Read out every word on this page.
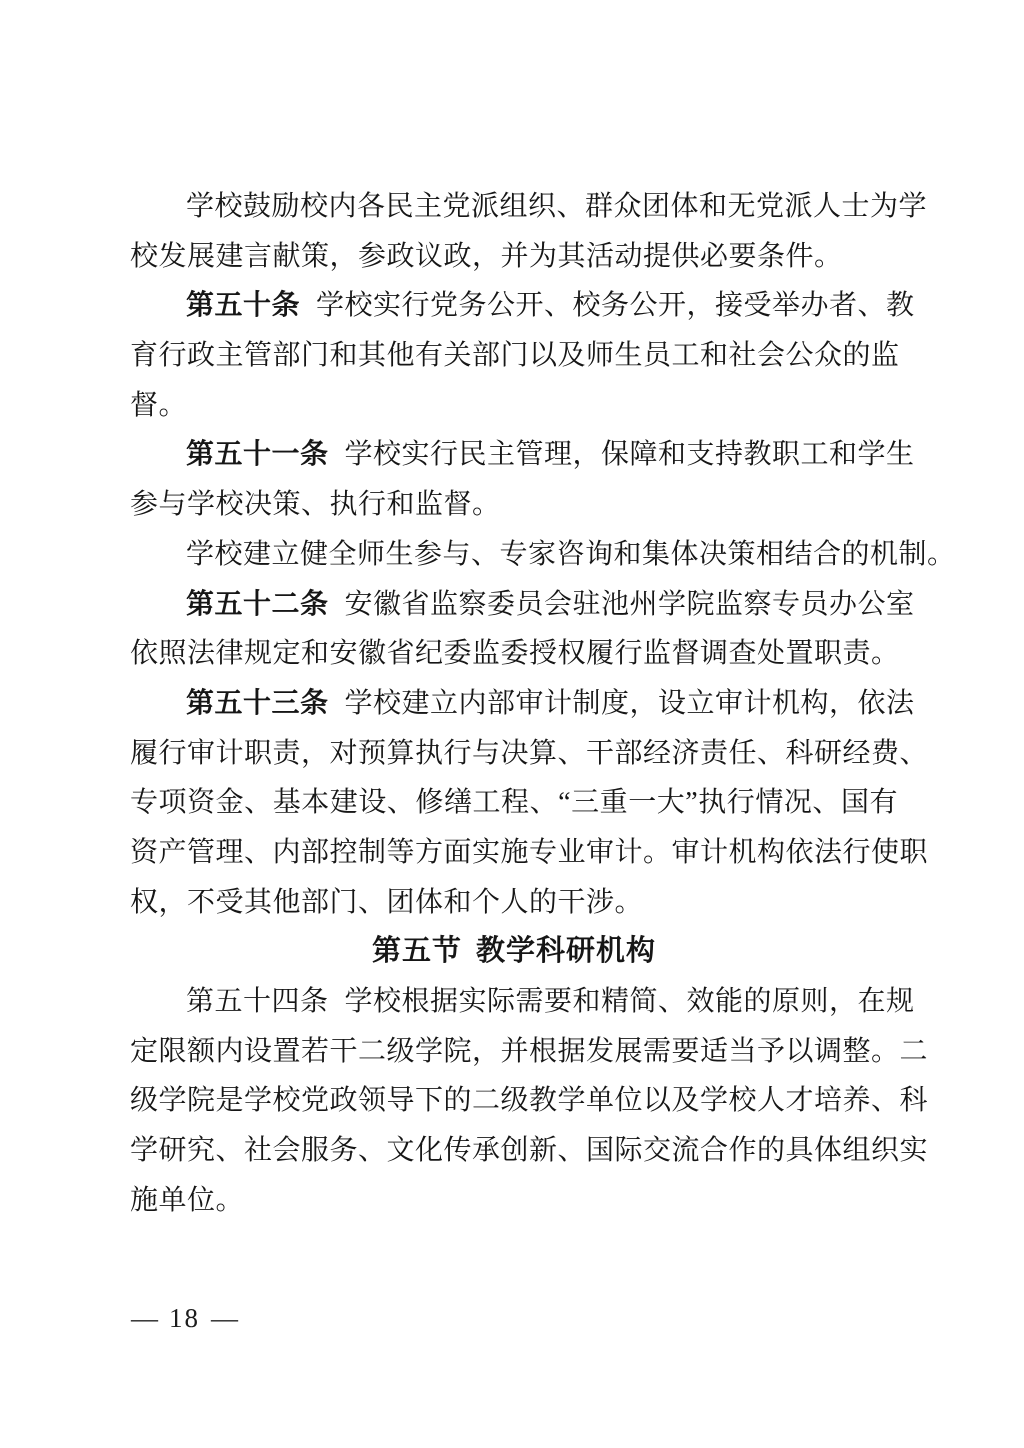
学校鼓励校内各民主党派组织、群众团体和无党派人士为学
校发展建言献策，参政议政，并为其活动提供必要条件。
第五十条 学校实行党务公开、校务公开，接受举办者、教
育行政主管部门和其他有关部门以及师生员工和社会公众的监
督。
第五十一条 学校实行民主管理，保障和支持教职工和学生
参与学校决策、执行和监督。
学校建立健全师生参与、专家咨询和集体决策相结合的机制。
第五十二条 安徽省监察委员会驻池州学院监察专员办公室
依照法律规定和安徽省纪委监委授权履行监督调查处置职责。
第五十三条 学校建立内部审计制度，设立审计机构，依法
履行审计职责，对预算执行与决算、干部经济责任、科研经费、
专项资金、基本建设、修缮工程、“三重一大”执行情况、国有
资产管理、内部控制等方面实施专业审计。审计机构依法行使职
权，不受其他部门、团体和个人的干涉。
第五节 教学科研机构
第五十四条 学校根据实际需要和精简、效能的原则，在规
定限额内设置若干二级学院，并根据发展需要适当予以调整。二
级学院是学校党政领导下的二级教学单位以及学校人才培养、科
学研究、社会服务、文化传承创新、国际交流合作的具体组织实
施单位。
— 18 —
